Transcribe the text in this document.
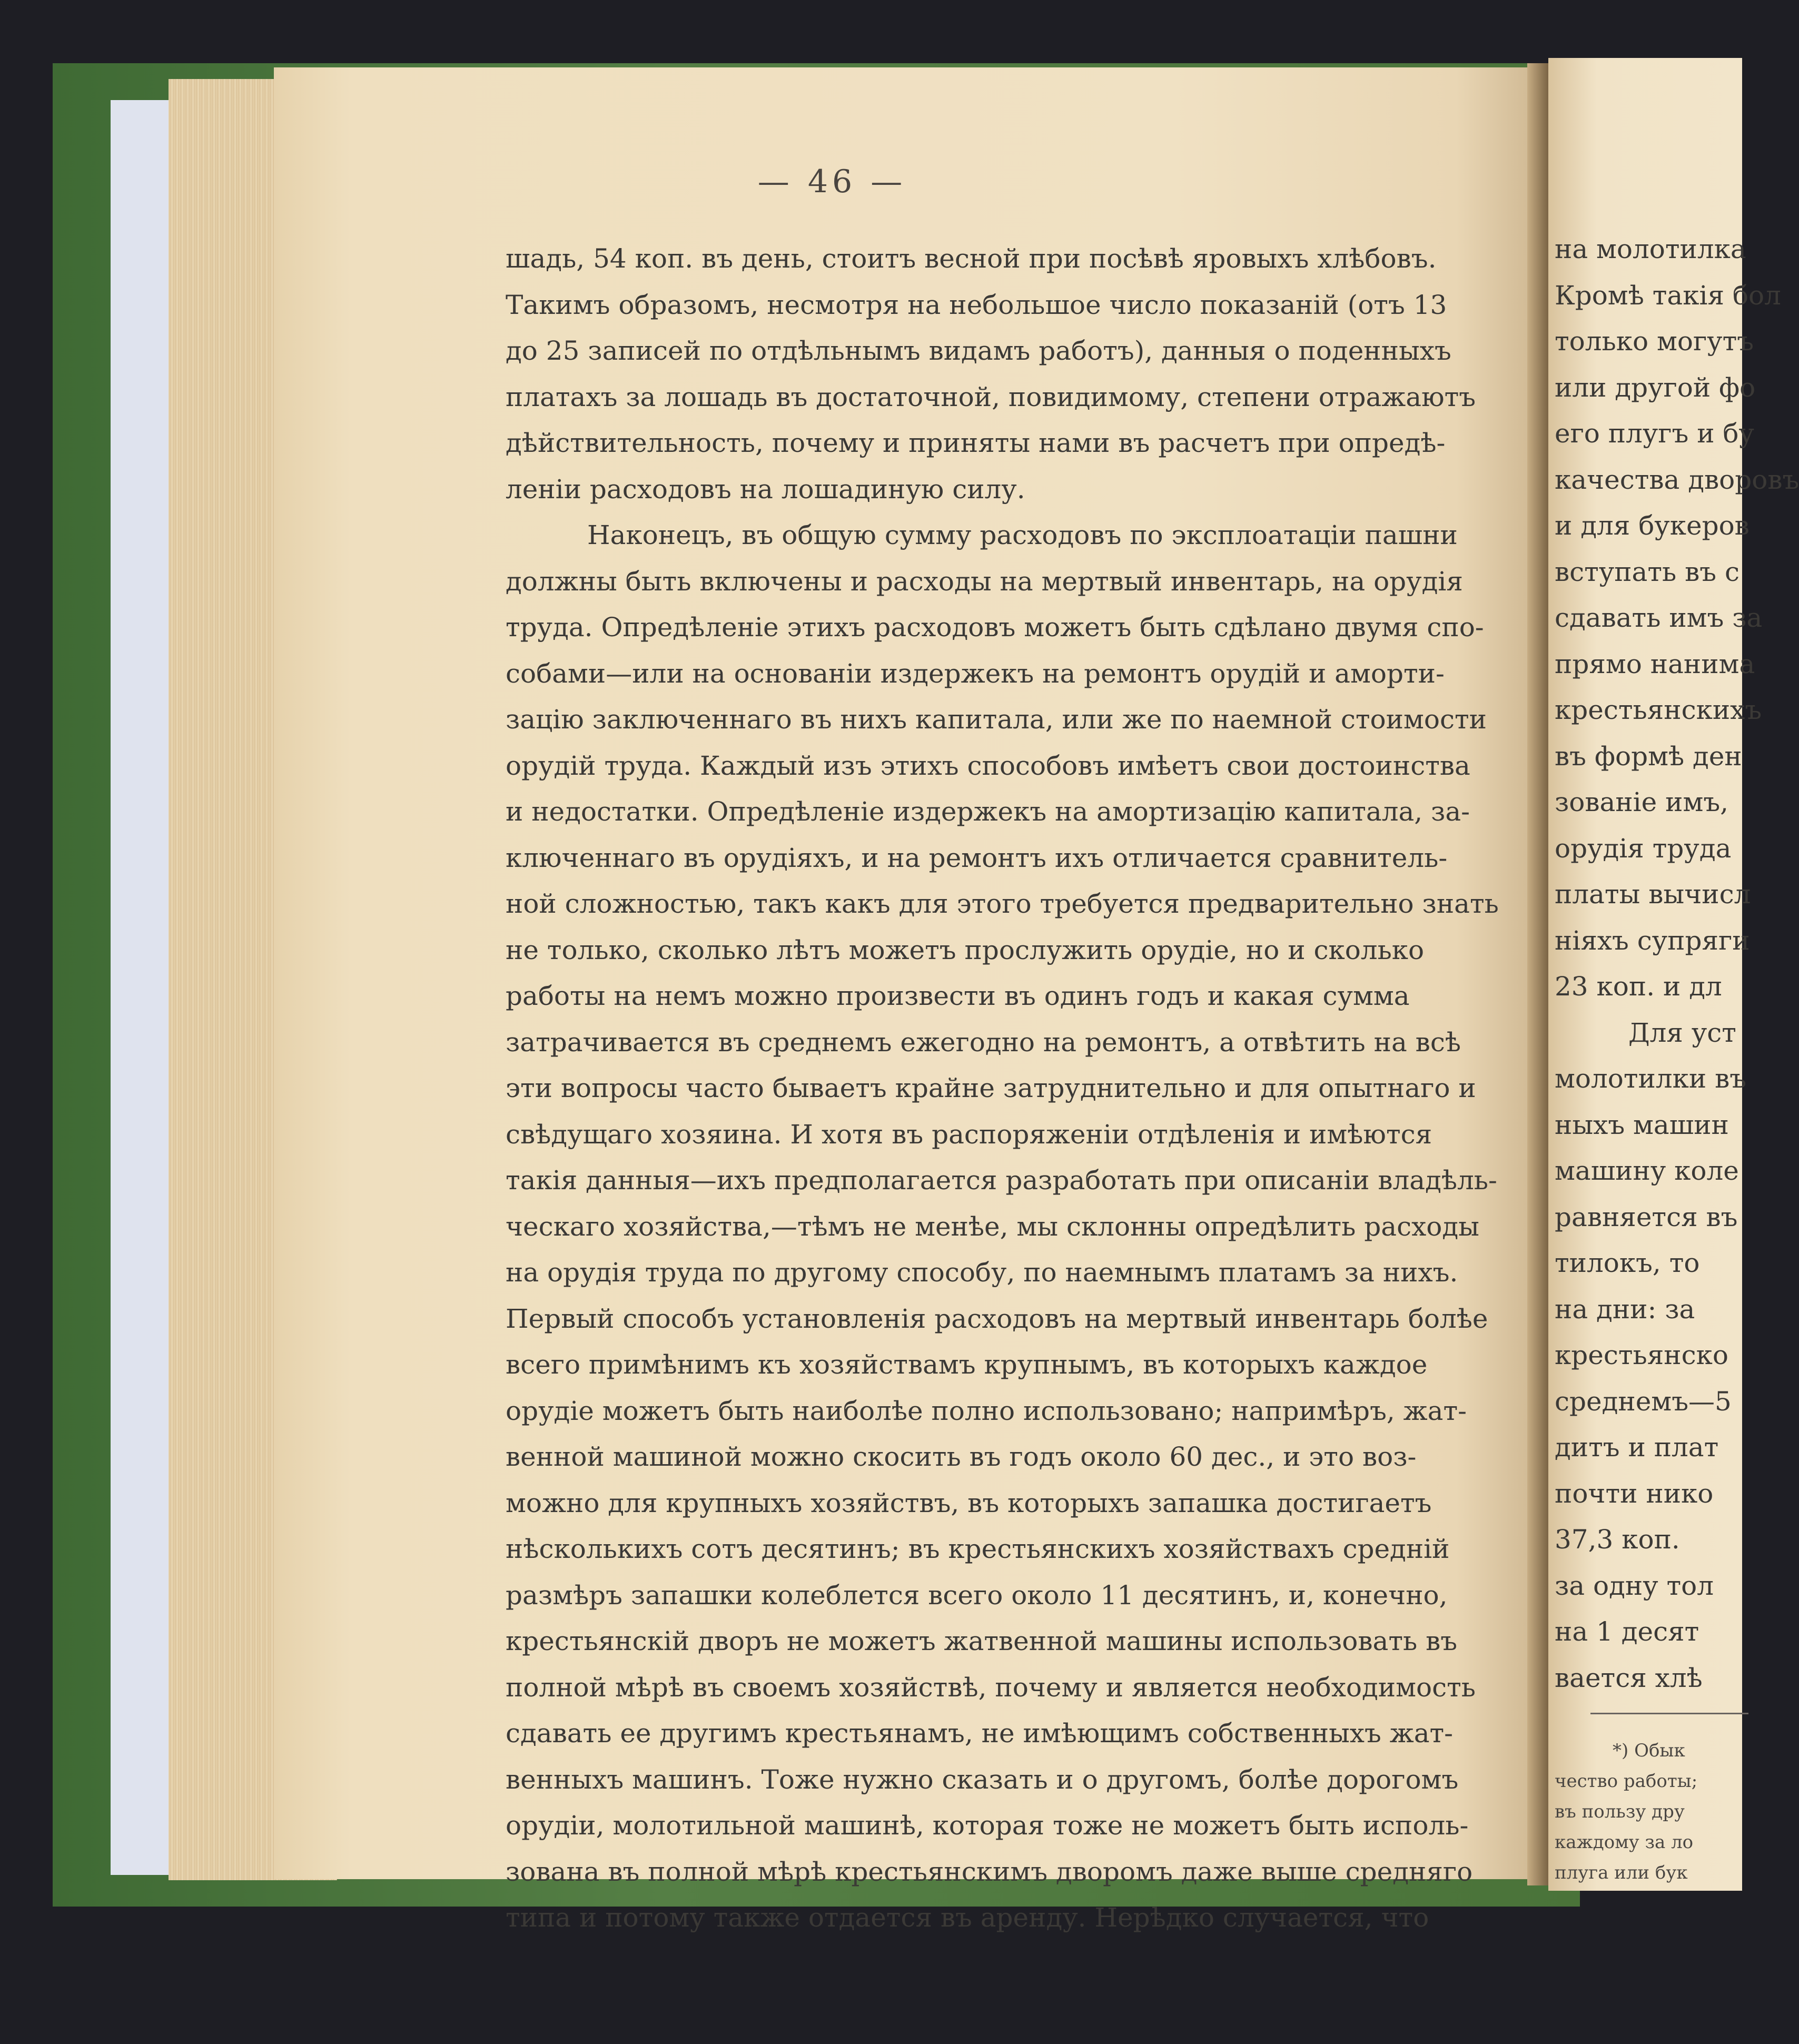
— 46 —
шадь, 54 коп. въ день, стоитъ весной при посѣвѣ яровыхъ хлѣбовъ.
Такимъ образомъ, несмотря на небольшое число показаній (отъ 13
до 25 записей по отдѣльнымъ видамъ работъ), данныя о поденныхъ
платахъ за лошадь въ достаточной, повидимому, степени отражаютъ
дѣйствительность, почему и приняты нами въ расчетъ при опредѣ-
леніи расходовъ на лошадиную силу.
Наконецъ, въ общую сумму расходовъ по эксплоатаціи пашни
должны быть включены и расходы на мертвый инвентарь, на орудія
труда. Опредѣленіе этихъ расходовъ можетъ быть сдѣлано двумя спо-
собами—или на основаніи издержекъ на ремонтъ орудій и аморти-
зацію заключеннаго въ нихъ капитала, или же по наемной стоимости
орудій труда. Каждый изъ этихъ способовъ имѣетъ свои достоинства
и недостатки. Опредѣленіе издержекъ на амортизацію капитала, за-
ключеннаго въ орудіяхъ, и на ремонтъ ихъ отличается сравнитель-
ной сложностью, такъ какъ для этого требуется предварительно знать
не только, сколько лѣтъ можетъ прослужить орудіе, но и сколько
работы на немъ можно произвести въ одинъ годъ и какая сумма
затрачивается въ среднемъ ежегодно на ремонтъ, а отвѣтить на всѣ
эти вопросы часто бываетъ крайне затруднительно и для опытнаго и
свѣдущаго хозяина. И хотя въ распоряженіи отдѣленія и имѣются
такія данныя—ихъ предполагается разработать при описаніи владѣль-
ческаго хозяйства,—тѣмъ не менѣе, мы склонны опредѣлить расходы
на орудія труда по другому способу, по наемнымъ платамъ за нихъ.
Первый способъ установленія расходовъ на мертвый инвентарь болѣе
всего примѣнимъ къ хозяйствамъ крупнымъ, въ которыхъ каждое
орудіе можетъ быть наиболѣе полно использовано; напримѣръ, жат-
венной машиной можно скосить въ годъ около 60 дес., и это воз-
можно для крупныхъ хозяйствъ, въ которыхъ запашка достигаетъ
нѣсколькихъ сотъ десятинъ; въ крестьянскихъ хозяйствахъ средній
размѣръ запашки колеблется всего около 11 десятинъ, и, конечно,
крестьянскій дворъ не можетъ жатвенной машины использовать въ
полной мѣрѣ въ своемъ хозяйствѣ, почему и является необходимость
сдавать ее другимъ крестьянамъ, не имѣющимъ собственныхъ жат-
венныхъ машинъ. Тоже нужно сказать и о другомъ, болѣе дорогомъ
орудіи, молотильной машинѣ, которая тоже не можетъ быть исполь-
зована въ полной мѣрѣ крестьянскимъ дворомъ даже выше средняго
типа и потому также отдается въ аренду. Нерѣдко случается, что
на молотилка
Кромѣ такія бол
только могутъ
или другой фо
его плугъ и бу
качества дворовъ
и для букеров
вступать въ с
сдавать имъ за
прямо нанима
крестьянскихъ
въ формѣ ден
зованіе имъ,
орудія труда
платы вычисл
ніяхъ супряги
23 коп. и дл
Для уст
молотилки въ
ныхъ машин
машину коле
равняется въ
тилокъ, то
на дни: за
крестьянско
среднемъ—5
дитъ и плат
почти нико
37,3 коп.
за одну тол
на 1 десят
вается хлѣ
*) Обык
чество работы;
въ пользу дру
каждому за ло
плуга или бук
